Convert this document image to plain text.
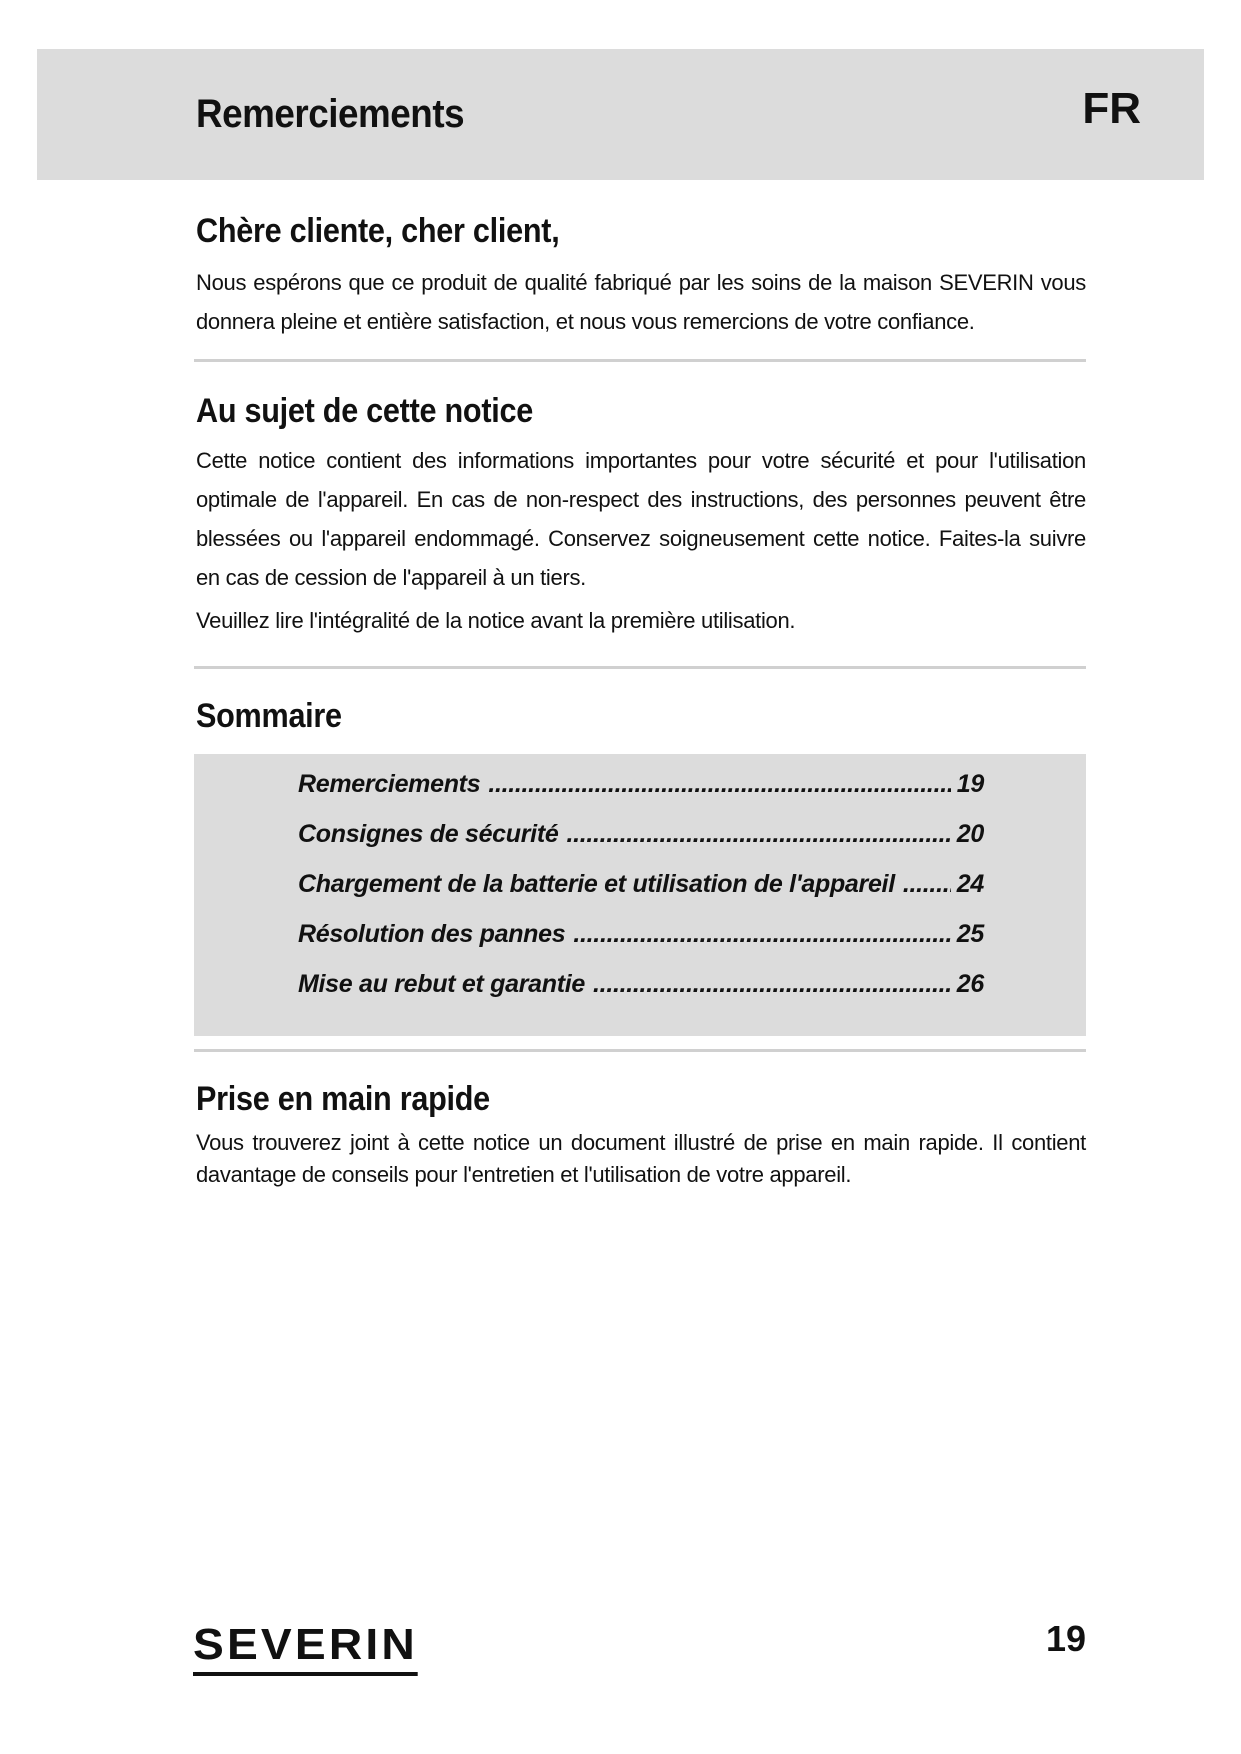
Remerciements	FR
Chère cliente, cher client,

Nous espérons que ce produit de qualité fabriqué par les soins de la maison SEVERIN vous donnera pleine et entière satisfaction, et nous vous remercions de votre confiance.

Au sujet de cette notice

Cette notice contient des informations importantes pour votre sécurité et pour l'utilisation optimale de l'appareil. En cas de non-respect des instructions, des personnes peuvent être blessées ou l'appareil endommagé. Conservez soigneusement cette notice. Faites-la suivre en cas de cession de l'appareil à un tiers.

Veuillez lire l'intégralité de la notice avant la première utilisation.

Sommaire
Remerciements .....	19
Consignes de sécurité .....	20
Chargement de la batterie et utilisation de l'appareil ..... 24
Résolution des pannes .....	25
Mise au rebut et garantie .....	26
Prise en main rapide

Vous trouverez joint à cette notice un document illustré de prise en main rapide. Il contient davantage de conseils pour l'entretien et l'utilisation de votre appareil.

SEVERIN	19
